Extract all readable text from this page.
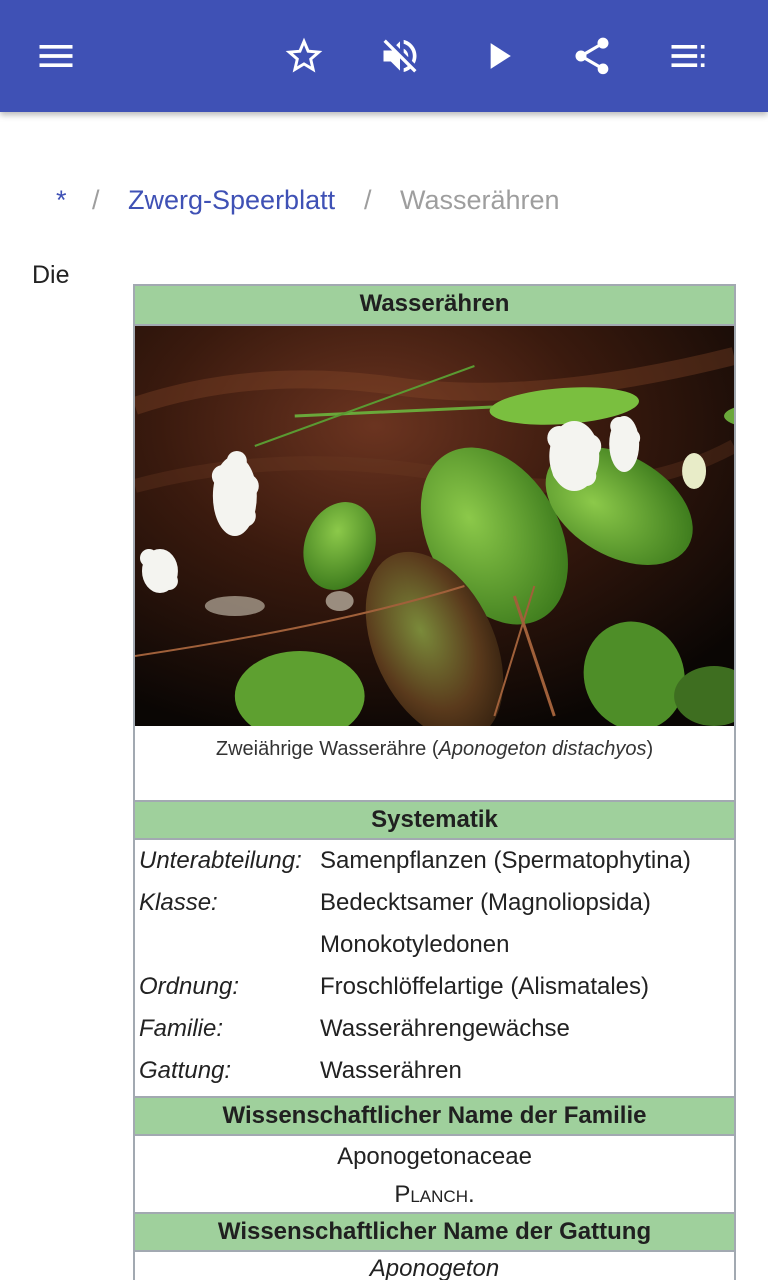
* / Zwerg-Speerblatt / Wasserähren
Die
Wasserähren
Zweiährige Wasserähre (Aponogeton distachyos)
Systematik
Unterabteilung: Samenpflanzen (Spermatophytina)
Klasse:	Bedecktsamer (Magnoliopsida)
Monokotyledonen
Ordnung:	Froschlöffelartige (Alismatales)
Familie:	Wasserährengewächse
Gattung:	Wasserähren
Wissenschaftlicher Name der Familie
Aponogetonaceae
Planch.
Wissenschaftlicher Name der Gattung
Aponogeton
